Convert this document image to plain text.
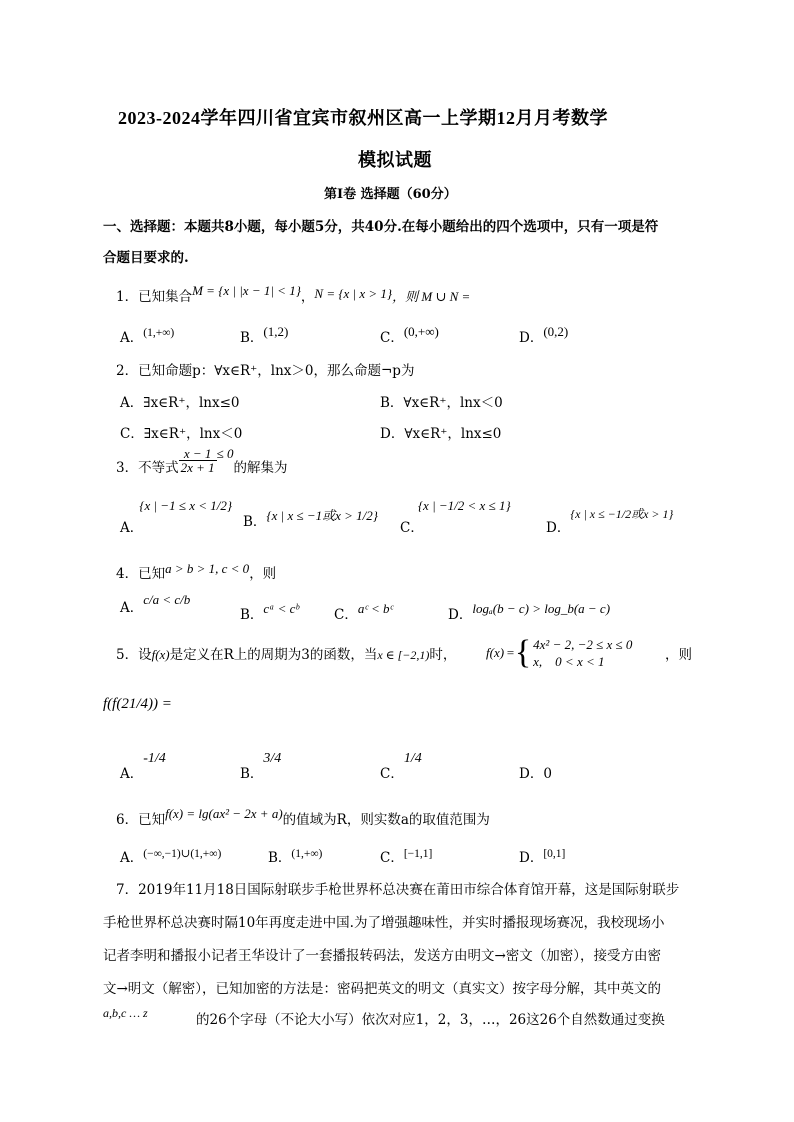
2023-2024学年四川省宜宾市叙州区高一上学期12月月考数学
模拟试题
第Ⅰ卷 选择题（60分）
一、选择题：本题共8小题，每小题5分，共40分.在每小题给出的四个选项中，只有一项是符
合题目要求的.
1．已知集合M = {x | |x − 1| < 1}，N = {x | x > 1}，则 M ∪ N =
A．(1,+∞)	B．(1,2)	C．(0,+∞)	D．(0,2)
2．已知命题p：∀x∈R⁺，lnx＞0，那么命题¬p为
A．∃x∈R⁺，lnx≤0	B．∀x∈R⁺，lnx＜0
C．∃x∈R⁺，lnx＜0	D．∀x∈R⁺，lnx≤0
3．不等式 $\frac{x - 1}{2x + 1} \le 0$的解集为
A．{x | −1 ≤ x < 1/2}
B．{x | x ≤ −1或x > 1/2}
C．{x | −1/2 < x ≤ 1}
D．{x | x ≤ −1/2或x > 1}
4．已知a > b > 1, c < 0，则
A．c/a < c/b
B．cᵃ < cᵇ	C．aᶜ < bᶜ	D．logₐ(b − c) > log_b(a − c)
5．设f(x)是定义在R上的周期为3的函数，当x ∈ [−2,1)时， f(x) = { 4x² − 2, −2 ≤ x ≤ 0
x,    0 < x < 1	，则
f(f(21/4)) =
A．-1/4
B．3/4
C．1/4
D．0
6．已知f(x) = lg(ax² − 2x + a)的值域为R，则实数a的取值范围为
A．(−∞,−1)∪(1,+∞)	B．(1,+∞)	C．[−1,1]	D．[0,1]
7．2019年11月18日国际射联步手枪世界杯总决赛在莆田市综合体育馆开幕，这是国际射联步
手枪世界杯总决赛时隔10年再度走进中国.为了增强趣味性，并实时播报现场赛况，我校现场小
记者李明和播报小记者王华设计了一套播报转码法，发送方由明文→密文（加密），接受方由密
文→明文（解密），已知加密的方法是：密码把英文的明文（真实文）按字母分解，其中英文的
a,b,c … z	的26个字母（不论大小写）依次对应1，2，3，…，26这26个自然数通过变换
